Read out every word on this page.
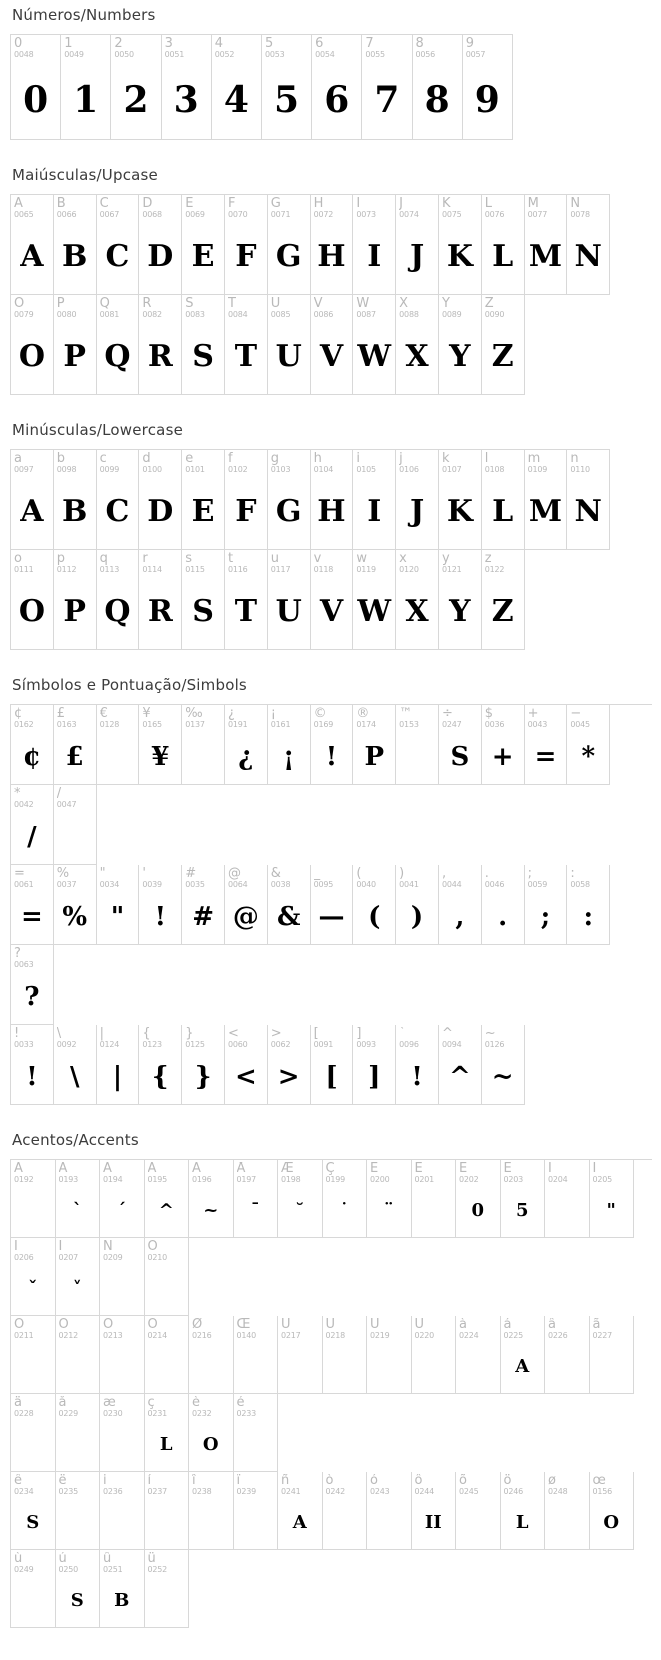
Números/Numbers
0
0048
0
1
0049
1
2
0050
2
3
0051
3
4
0052
4
5
0053
5
6
0054
6
7
0055
7
8
0056
8
9
0057
9
Maiúsculas/Upcase
A
0065
A
B
0066
B
C
0067
C
D
0068
D
E
0069
E
F
0070
F
G
0071
G
H
0072
H
I
0073
I
J
0074
J
K
0075
K
L
0076
L
M
0077
M
N
0078
N
O
0079
O
P
0080
P
Q
0081
Q
R
0082
R
S
0083
S
T
0084
T
U
0085
U
V
0086
V
W
0087
W
X
0088
X
Y
0089
Y
Z
0090
Z
Minúsculas/Lowercase
a
0097
A
b
0098
B
c
0099
C
d
0100
D
e
0101
E
f
0102
F
g
0103
G
h
0104
H
i
0105
I
j
0106
J
k
0107
K
l
0108
L
m
0109
M
n
0110
N
o
0111
O
p
0112
P
q
0113
Q
r
0114
R
s
0115
S
t
0116
T
u
0117
U
v
0118
V
w
0119
W
x
0120
X
y
0121
Y
z
0122
Z
Símbolos e Pontuação/Simbols
¢
0162
¢
£
0163
£
€
0128
¥
0165
¥
‰
0137
¿
0191
¿
¡
0161
¡
©
0169
!
®
0174
P
™
0153
÷
0247
S
$
0036
+
+
0043
=
−
0045
*
*
0042
/
/
0047
=
0061
=
%
0037
%
"
0034
"
'
0039
!
#
0035
#
@
0064
@
&
0038
&
_
0095
—
(
0040
(
)
0041
)
,
0044
,
.
0046
.
;
0059
;
:
0058
:
?
0063
?
!
0033
!
\
0092
\
|
0124
|
{
0123
{
}
0125
}
<
0060
<
>
0062
>
[
0091
[
]
0093
]
`
0096
!
^
0094
^
~
0126
~
Acentos/Accents
À
0192
Á
0193
`
Â
0194
´
Ã
0195
^
Ä
0196
~
Å
0197
¯
Æ
0198
˘
Ç
0199
˙
È
0200
¨
É
0201
Ê
0202
0
Ë
0203
5
Ì
0204
Í
0205
"
Î
0206
ˇ
Ï
0207
˅
Ñ
0209
Ò
0210
Ó
0211
Ô
0212
Õ
0213
Ö
0214
Ø
0216
Œ
0140
Ù
0217
Ú
0218
Û
0219
Ü
0220
à
0224
á
0225
A
â
0226
ã
0227
ä
0228
å
0229
æ
0230
ç
0231
L
è
0232
O
é
0233
ê
0234
S
ë
0235
i
0236
í
0237
î
0238
ï
0239
ñ
0241
A
ò
0242
ó
0243
ô
0244
II
õ
0245
ö
0246
L
ø
0248
œ
0156
O
ù
0249
ú
0250
S
û
0251
B
ü
0252
